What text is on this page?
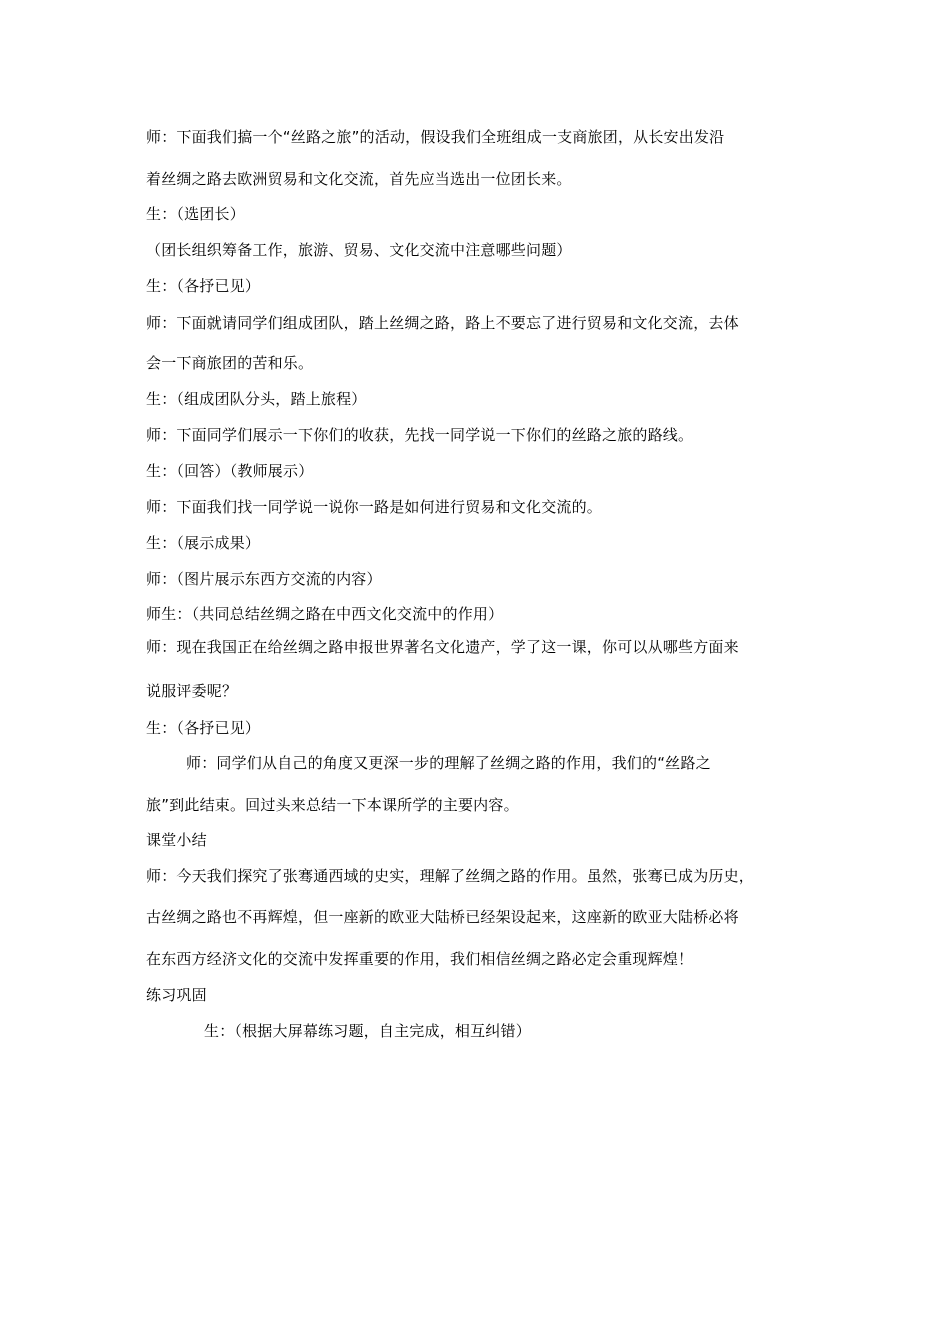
师：下面我们搞一个“丝路之旅”的活动，假设我们全班组成一支商旅团，从长安出发沿
着丝绸之路去欧洲贸易和文化交流，首先应当选出一位团长来。
生：（选团长）
（团长组织筹备工作，旅游、贸易、文化交流中注意哪些问题）
生：（各抒已见）
师：下面就请同学们组成团队，踏上丝绸之路，路上不要忘了进行贸易和文化交流，去体
会一下商旅团的苦和乐。
生：（组成团队分头，踏上旅程）
师：下面同学们展示一下你们的收获，先找一同学说一下你们的丝路之旅的路线。
生：（回答）（教师展示）
师：下面我们找一同学说一说你一路是如何进行贸易和文化交流的。
生：（展示成果）
师：（图片展示东西方交流的内容）
师生：（共同总结丝绸之路在中西文化交流中的作用）
师：现在我国正在给丝绸之路申报世界著名文化遗产，学了这一课，你可以从哪些方面来
说服评委呢？
生：（各抒已见）
师：同学们从自己的角度又更深一步的理解了丝绸之路的作用，我们的“丝路之
旅”到此结束。回过头来总结一下本课所学的主要内容。
课堂小结
师：今天我们探究了张骞通西域的史实，理解了丝绸之路的作用。虽然，张骞已成为历史，
古丝绸之路也不再辉煌，但一座新的欧亚大陆桥已经架设起来，这座新的欧亚大陆桥必将
在东西方经济文化的交流中发挥重要的作用，我们相信丝绸之路必定会重现辉煌！
练习巩固
生：（根据大屏幕练习题，自主完成，相互纠错）
